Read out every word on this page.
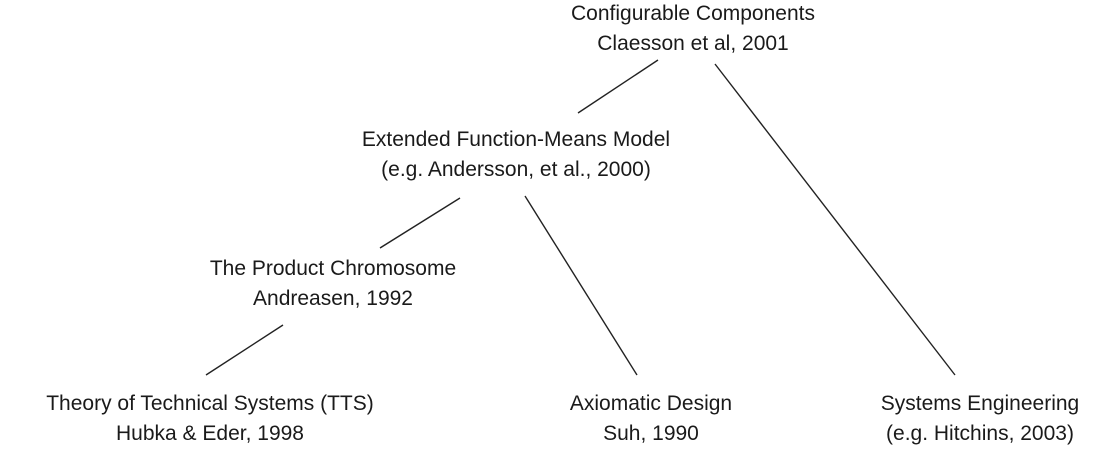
Configurable Components
Claesson et al, 2001
Extended Function-Means Model
(e.g. Andersson, et al., 2000)
The Product Chromosome
Andreasen, 1992
Theory of Technical Systems (TTS)
Hubka & Eder, 1998
Axiomatic Design
Suh, 1990
Systems Engineering
(e.g. Hitchins, 2003)
